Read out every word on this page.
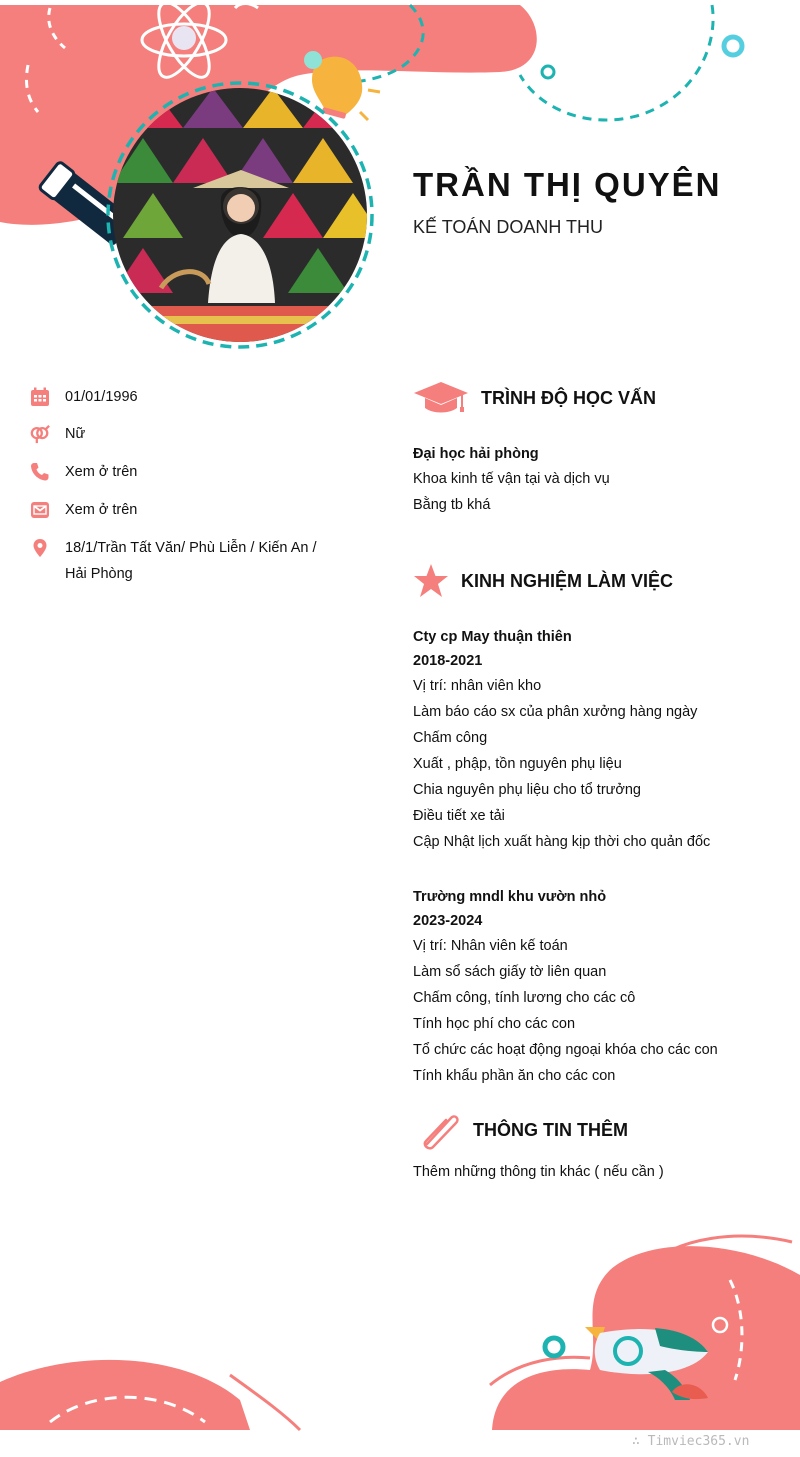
TRẦN THỊ QUYÊN
KẾ TOÁN DOANH THU
01/01/1996
Nữ
Xem ở trên
Xem ở trên
18/1/Trần Tất Văn/ Phù Liễn / Kiến An /
Hải Phòng
TRÌNH ĐỘ HỌC VẤN
Đại học hải phòng
Khoa kinh tế vận tại và dịch vụ
Bằng tb khá
KINH NGHIỆM LÀM VIỆC
Cty cp May thuận thiên
2018-2021
Vị trí: nhân viên kho
Làm báo cáo sx của phân xưởng hàng ngày
Chấm công
Xuất , phập, tồn nguyên phụ liệu
Chia nguyên phụ liệu cho tổ trưởng
Điều tiết xe tải
Cập Nhật lịch xuất hàng kịp thời cho quản đốc
Trường mndl khu vườn nhỏ
2023-2024
Vị trí: Nhân viên kế toán
Làm sổ sách giấy tờ liên quan
Chấm công, tính lương cho các cô
Tính học phí cho các con
Tổ chức các hoạt động ngoại khóa cho các con
Tính khẩu phần ăn cho các con
THÔNG TIN THÊM
Thêm những thông tin khác ( nếu cần )
∴ Timviec365.vn
